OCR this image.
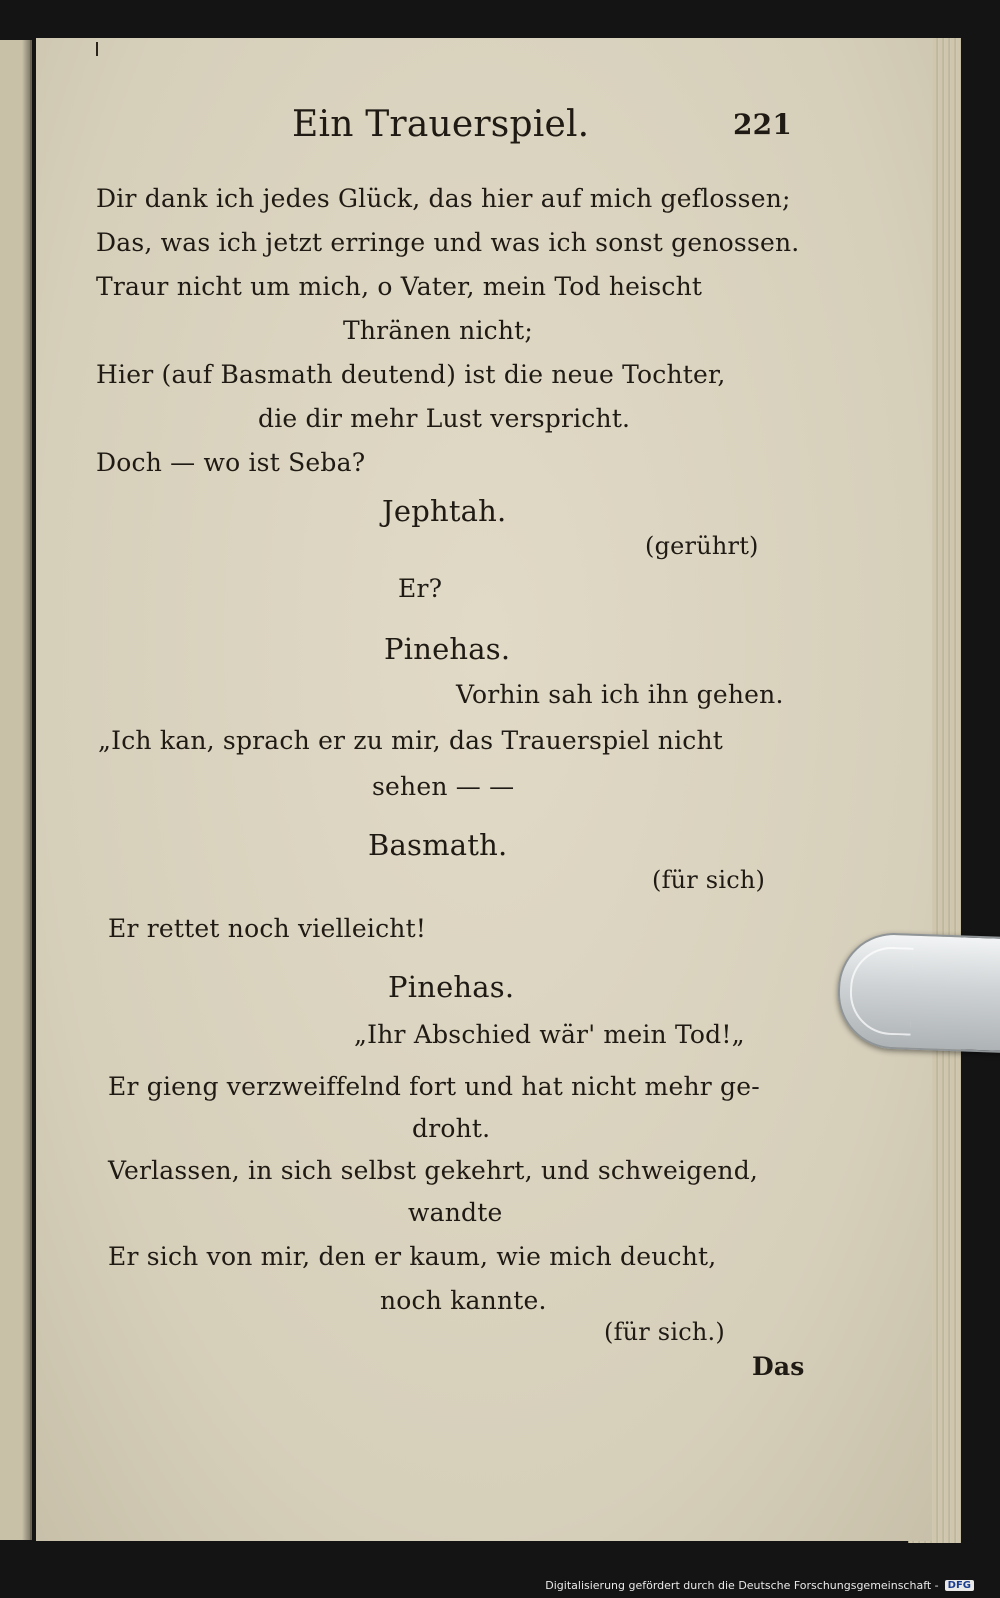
Ein Trauerspiel.	221
Dir dank ich jedes Glück, das hier auf mich geflossen;
Das, was ich jetzt erringe und was ich sonst genossen.
Traur nicht um mich, o Vater, mein Tod heischt
Thränen nicht;
Hier (auf Basmath deutend) ist die neue Tochter,
die dir mehr Lust verspricht.
Doch — wo ist Seba?
Jephtah.
(gerührt)
Er?
Pinehas.
Vorhin sah ich ihn gehen.
„Ich kan, sprach er zu mir, das Trauerspiel nicht
sehen — —
Basmath.
(für sich)
Er rettet noch vielleicht!
Pinehas.
„Ihr Abschied wär' mein Tod!„
Er gieng verzweiffelnd fort und hat nicht mehr ge-
droht.
Verlassen, in sich selbst gekehrt, und schweigend,
wandte
Er sich von mir, den er kaum, wie mich deucht,
noch kannte.
(für sich.)
Das
Digitalisierung gefördert durch die Deutsche Forschungsgemeinschaft - DFG
